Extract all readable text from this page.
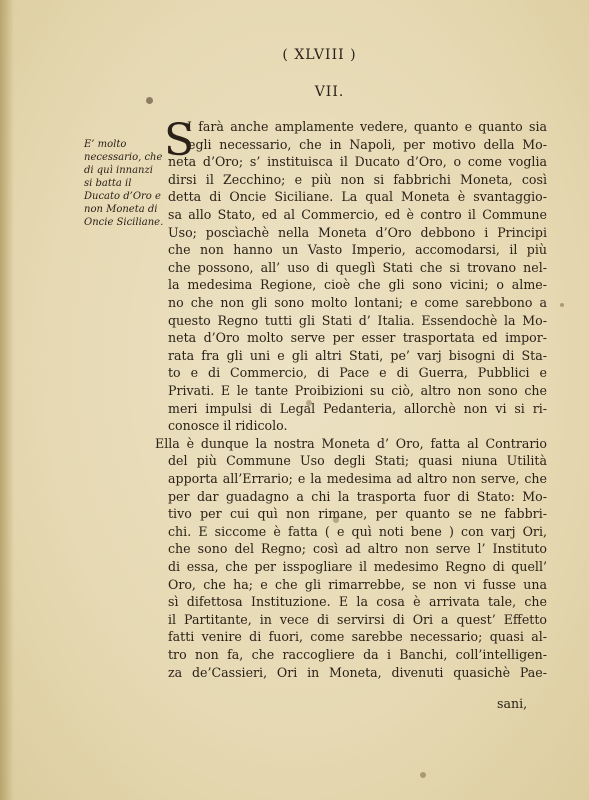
( XLVIII )
VII.
E’ molto necessario, che di quì innanzi si batta il Ducato d’Oro e non Moneta di Oncie Siciliane.
S
I farà anche amplamente vedere, quanto e quanto sia
egli necessario, che in Napoli, per motivo della Mo-
neta d’Oro; s’ instituisca il Ducato d’Oro, o come voglia
dirsi il Zecchino; e più non si fabbrichi Moneta, così
detta di Oncie Siciliane. La qual Moneta è svantaggio-
sa allo Stato, ed al Commercio, ed è contro il Commune
Uso; poscìachè nella Moneta d’Oro debbono i Principi
che non hanno un Vasto Imperio, accomodarsi, il più
che possono, all’ uso di queglì Stati che si trovano nel-
la medesima Regione, cioè che gli sono vicini; o alme-
no che non gli sono molto lontani; e come sarebbono a
questo Regno tutti gli Stati d’ Italia. Essendochè la Mo-
neta d’Oro molto serve per esser trasportata ed impor-
rata fra gli uni e gli altri Stati, pe’ varj bisogni di Sta-
to e di Commercio, di Pace e di Guerra, Pubblici e
Privati. E le tante Proibizioni su ciò, altro non sono che
meri impulsi di Legal Pedanteria, allorchè non vi si ri-
conosce il ridicolo.
Ella è dunque la nostra Moneta d’ Oro, fatta al Contrario
del più Commune Uso degli Stati; quasi niuna Utilità
apporta all’Errario; e la medesima ad altro non serve, che
per dar guadagno a chi la trasporta fuor di Stato: Mo-
tivo per cui quì non rimane, per quanto se ne fabbri-
chi. E siccome è fatta ( e quì noti bene ) con varj Ori,
che sono del Regno; così ad altro non serve l’ Instituto
di essa, che per isspogliare il medesimo Regno di quell’
Oro, che ha; e che gli rimarrebbe, se non vi fusse una
sì difettosa Instituzione. E la cosa è arrivata tale, che
il Partitante, in vece di servirsi di Ori a quest’ Effetto
fatti venire di fuori, come sarebbe necessario; quasi al-
tro non fa, che raccogliere da i Banchi, coll’intelligen-
za de’Cassieri, Ori in Moneta, divenuti quasichè Pae-
sani,
